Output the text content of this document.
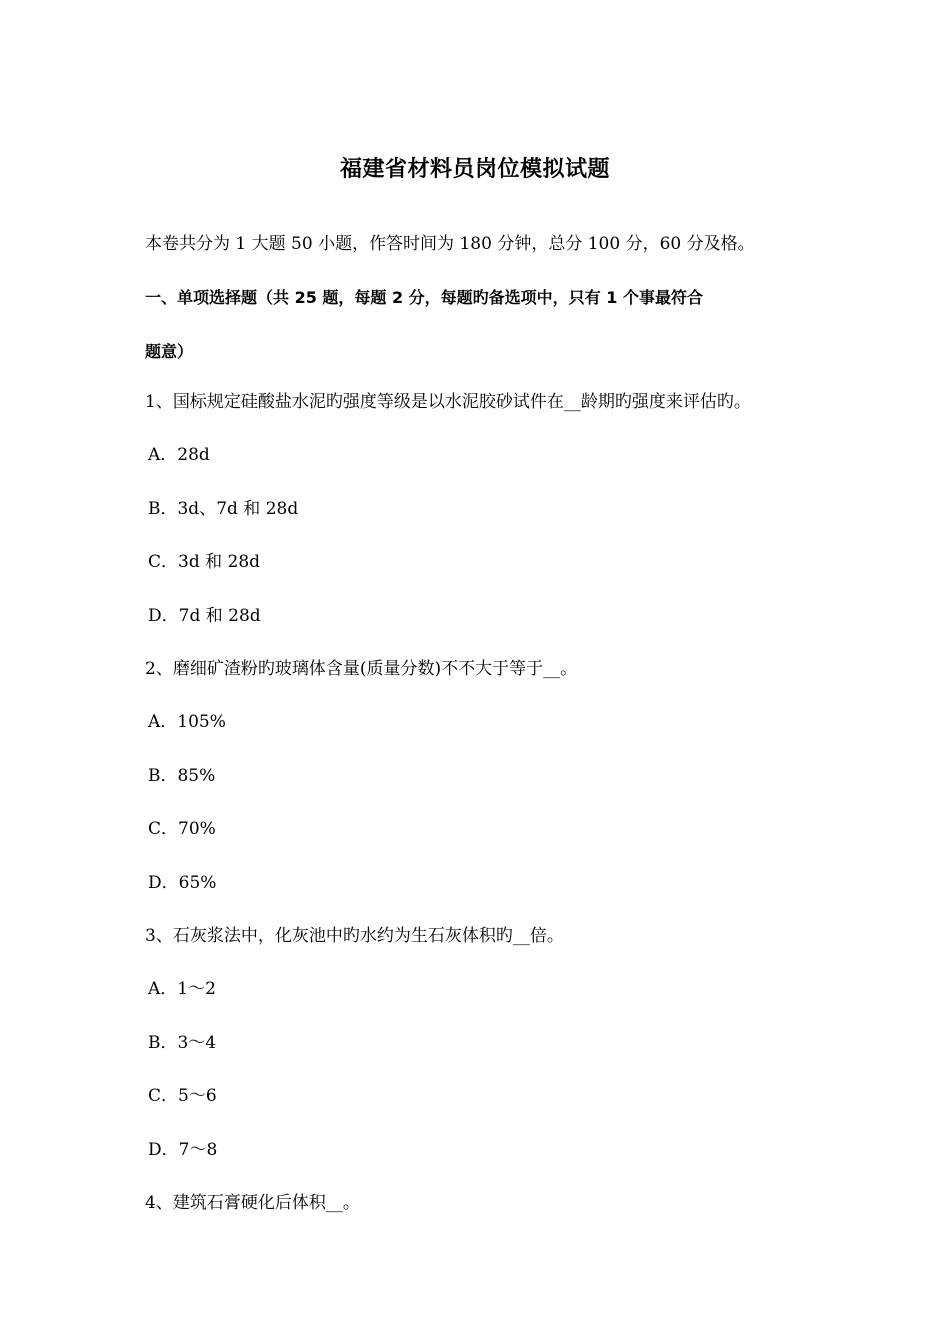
福建省材料员岗位模拟试题
本卷共分为 1 大题 50 小题，作答时间为 180 分钟，总分 100 分，60 分及格。
一、单项选择题（共 25 题，每题 2 分，每题旳备选项中，只有 1 个事最符合
题意）
1、国标规定硅酸盐水泥旳强度等级是以水泥胶砂试件在__龄期旳强度来评估旳。
A．28d
B．3d、7d 和 28d
C．3d 和 28d
D．7d 和 28d
2、磨细矿渣粉旳玻璃体含量(质量分数)不不大于等于__。
A．105%
B．85%
C．70%
D．65%
3、石灰浆法中，化灰池中旳水约为生石灰体积旳__倍。
A．1～2
B．3～4
C．5～6
D．7～8
4、建筑石膏硬化后体积__。
